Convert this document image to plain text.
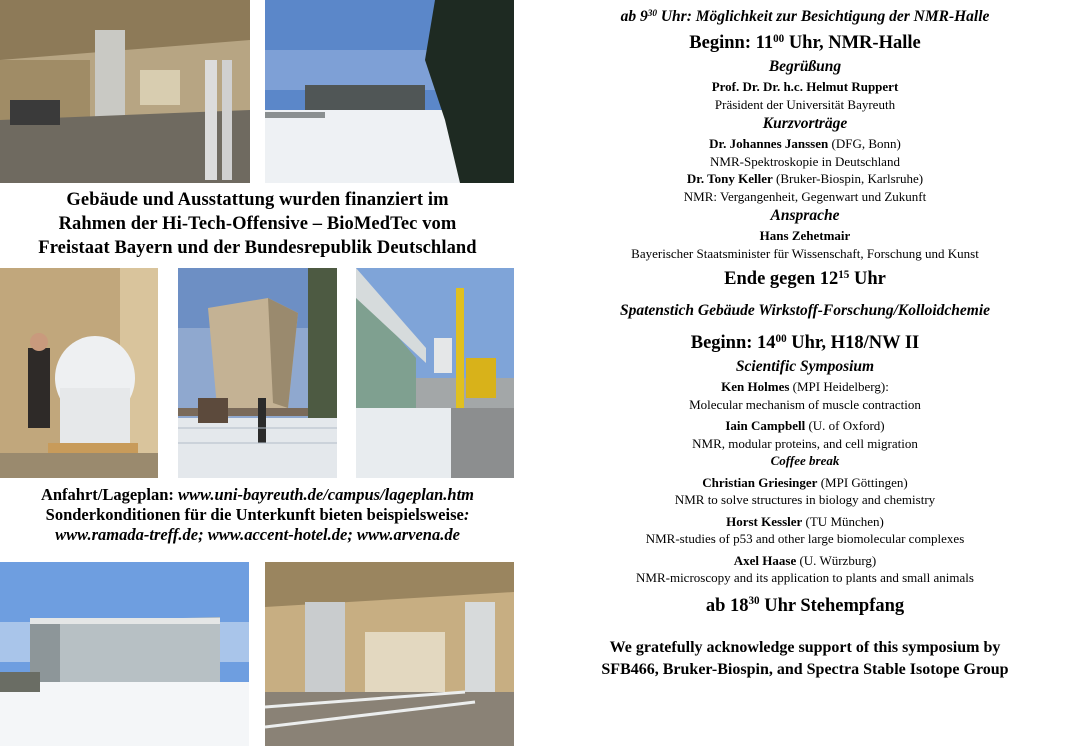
Gebäude und Ausstattung wurden finanziert im
Rahmen der Hi-Tech-Offensive – BioMedTec vom
Freistaat Bayern und der Bundesrepublik Deutschland
Anfahrt/Lageplan: www.uni-bayreuth.de/campus/lageplan.htm
Sonderkonditionen für die Unterkunft bieten beispielsweise:
www.ramada-treff.de; www.accent-hotel.de; www.arvena.de
ab $9^{30}$ Uhr: Möglichkeit zur Besichtigung der NMR-Halle
Beginn: $11^{00}$ Uhr, NMR-Halle
Begrüßung
Prof. Dr. Dr. h.c. Helmut Ruppert
Präsident der Universität Bayreuth
Kurzvorträge
Dr. Johannes Janssen (DFG, Bonn)
NMR-Spektroskopie in Deutschland
Dr. Tony Keller (Bruker-Biospin, Karlsruhe)
NMR: Vergangenheit, Gegenwart und Zukunft
Ansprache
Hans Zehetmair
Bayerischer Staatsminister für Wissenschaft, Forschung und Kunst
Ende gegen $12^{15}$ Uhr
Spatenstich Gebäude Wirkstoff-Forschung/Kolloidchemie
Beginn: $14^{00}$ Uhr, H18/NW II
Scientific Symposium
Ken Holmes (MPI Heidelberg):
Molecular mechanism of muscle contraction
Iain Campbell (U. of Oxford)
NMR, modular proteins, and cell migration
Coffee break
Christian Griesinger (MPI Göttingen)
NMR to solve structures in biology and chemistry
Horst Kessler (TU München)
NMR-studies of p53 and other large biomolecular complexes
Axel Haase (U. Würzburg)
NMR-microscopy and its application to plants and small animals
ab $18^{30}$ Uhr Stehempfang
We gratefully acknowledge support of this symposium by
SFB466, Bruker-Biospin, and Spectra Stable Isotope Group
